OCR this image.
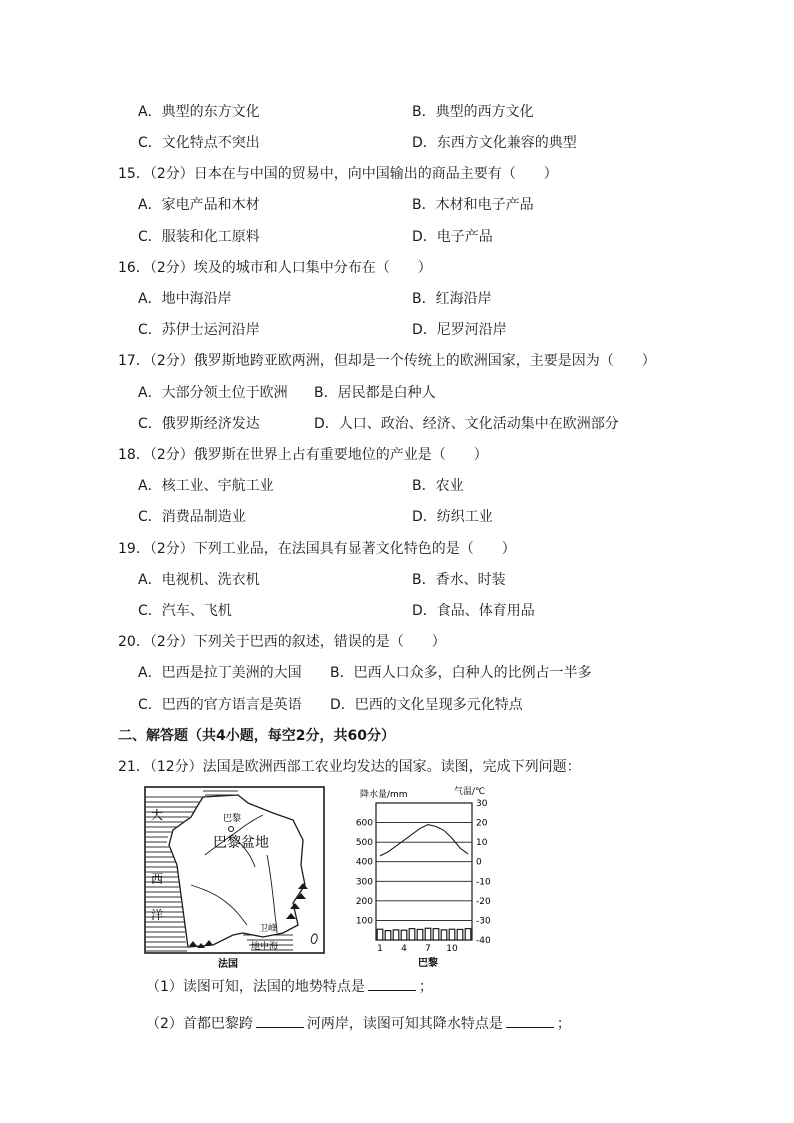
A．典型的东方文化	B．典型的西方文化
C．文化特点不突出	D．东西方文化兼容的典型
15．（2分）日本在与中国的贸易中，向中国输出的商品主要有（　　）
A．家电产品和木材	B．木材和电子产品
C．服装和化工原料	D．电子产品
16．（2分）埃及的城市和人口集中分布在（　　）
A．地中海沿岸	B．红海沿岸
C．苏伊士运河沿岸	D．尼罗河沿岸
17．（2分）俄罗斯地跨亚欧两洲，但却是一个传统上的欧洲国家，主要是因为（　　）
A．大部分领土位于欧洲 B．居民都是白种人
C．俄罗斯经济发达	D．人口、政治、经济、文化活动集中在欧洲部分
18．（2分）俄罗斯在世界上占有重要地位的产业是（　　）
A．核工业、宇航工业	B．农业
C．消费品制造业	D．纺织工业
19．（2分）下列工业品，在法国具有显著文化特色的是（　　）
A．电视机、洗衣机	B．香水、时装
C．汽车、飞机	D．食品、体育用品
20．（2分）下列关于巴西的叙述，错误的是（　　）
A．巴西是拉丁美洲的大国 B．巴西人口众多，白种人的比例占一半多
C．巴西的官方语言是英语 D．巴西的文化呈现多元化特点
二、解答题（共4小题，每空2分，共60分）
21．（12分）法国是欧洲西部工农业均发达的国家。读图，完成下列问题：
大
西
洋
巴黎
巴黎盆地
卫峰
地中海
法国
降水量/mm	气温/℃
100
200
300
400
500
600
30
20
10
0
-10
-20
-30
-40
1 4 7 10
巴黎
（1）读图可知，法国的地势特点是	；
（2）首都巴黎跨	河两岸，读图可知其降水特点是	；
